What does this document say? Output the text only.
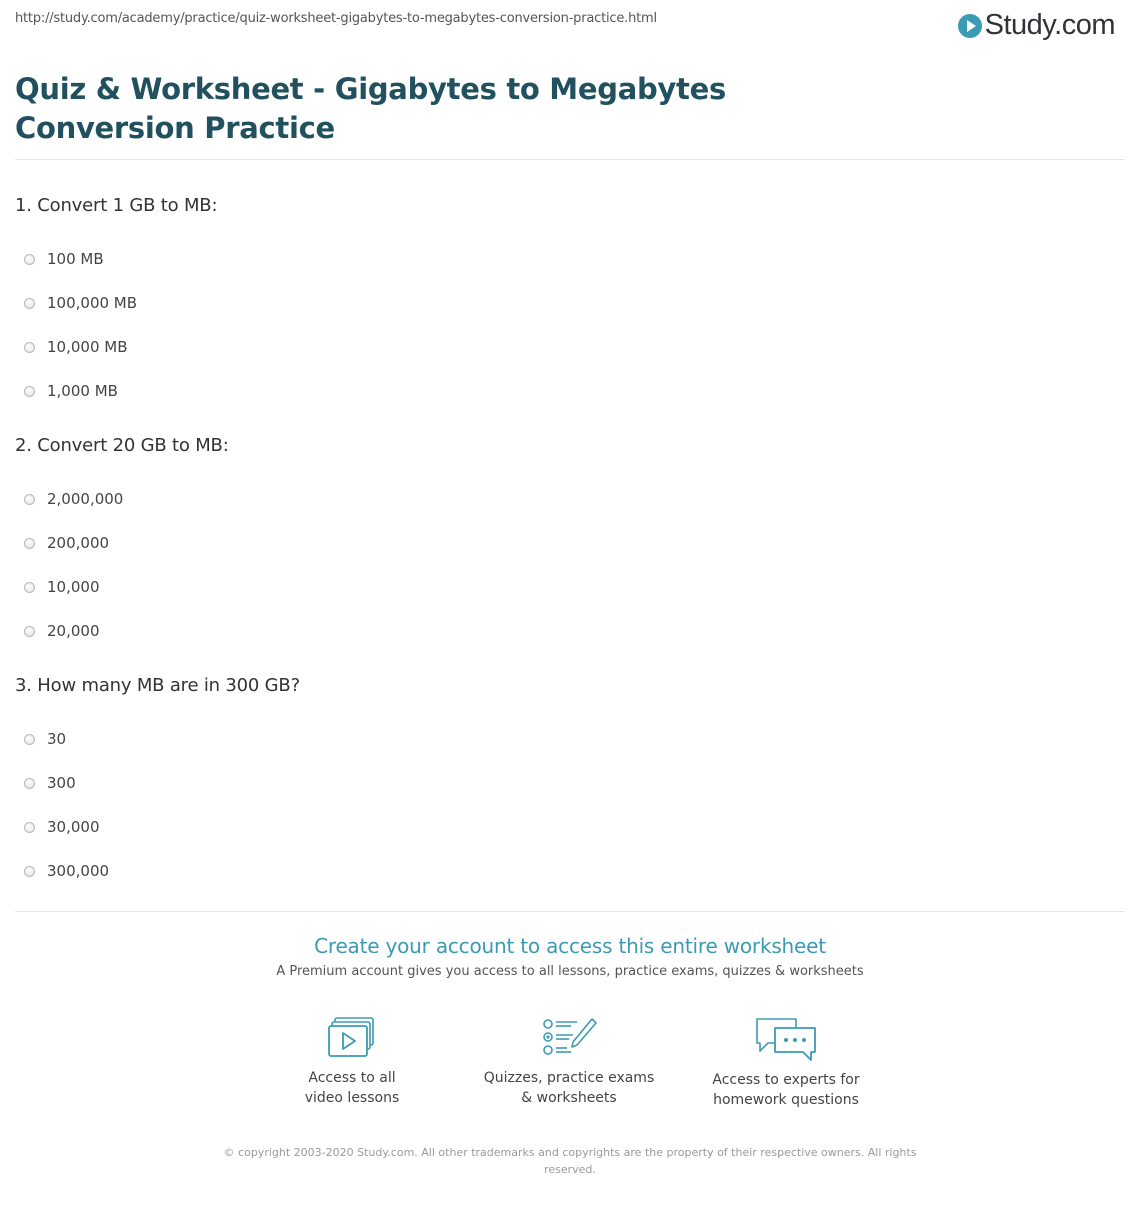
http://study.com/academy/practice/quiz-worksheet-gigabytes-to-megabytes-conversion-practice.html	Study.com
Quiz & Worksheet - Gigabytes to Megabytes Conversion Practice
1. Convert 1 GB to MB:
100 MB
100,000 MB
10,000 MB
1,000 MB
2. Convert 20 GB to MB:
2,000,000
200,000
10,000
20,000
3. How many MB are in 300 GB?
30
300
30,000
300,000
Create your account to access this entire worksheet
A Premium account gives you access to all lessons, practice exams, quizzes & worksheets
Access to all
video lessons
Quizzes, practice exams
& worksheets
Access to experts for
homework questions
© copyright 2003-2020 Study.com. All other trademarks and copyrights are the property of their respective owners. All rights reserved.
